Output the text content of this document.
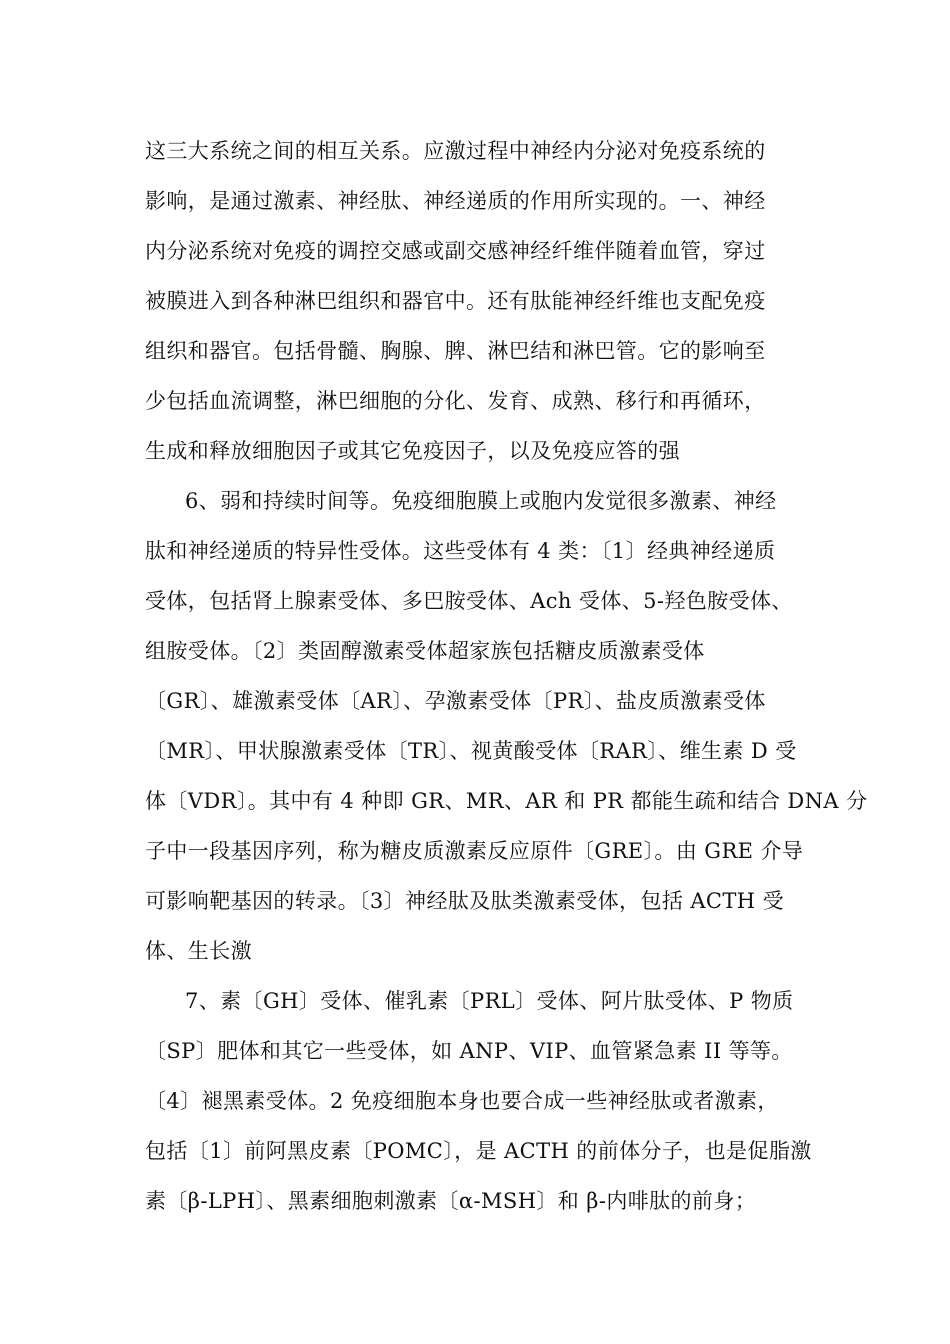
这三大系统之间的相互关系。应激过程中神经内分泌对免疫系统的
影响，是通过激素、神经肽、神经递质的作用所实现的。一、神经
内分泌系统对免疫的调控交感或副交感神经纤维伴随着血管，穿过
被膜进入到各种淋巴组织和器官中。还有肽能神经纤维也支配免疫
组织和器官。包括骨髓、胸腺、脾、淋巴结和淋巴管。它的影响至
少包括血流调整，淋巴细胞的分化、发育、成熟、移行和再循环，
生成和释放细胞因子或其它免疫因子，以及免疫应答的强
6、弱和持续时间等。免疫细胞膜上或胞内发觉很多激素、神经
肽和神经递质的特异性受体。这些受体有 4 类：〔1〕经典神经递质
受体，包括肾上腺素受体、多巴胺受体、Ach 受体、5-羟色胺受体、
组胺受体。〔2〕类固醇激素受体超家族包括糖皮质激素受体
〔GR〕、雄激素受体〔AR〕、孕激素受体〔PR〕、盐皮质激素受体
〔MR〕、甲状腺激素受体〔TR〕、视黄酸受体〔RAR〕、维生素 D 受
体〔VDR〕。其中有 4 种即 GR、MR、AR 和 PR 都能生疏和结合 DNA 分
子中一段基因序列，称为糖皮质激素反应原件〔GRE〕。由 GRE 介导
可影响靶基因的转录。〔3〕神经肽及肽类激素受体，包括 ACTH 受
体、生长激
7、素〔GH〕受体、催乳素〔PRL〕受体、阿片肽受体、P 物质
〔SP〕肥体和其它一些受体，如 ANP、VIP、血管紧急素 II 等等。
〔4〕褪黑素受体。2 免疫细胞本身也要合成一些神经肽或者激素，
包括〔1〕前阿黑皮素〔POMC〕，是 ACTH 的前体分子，也是促脂激
素〔β-LPH〕、黑素细胞刺激素〔α-MSH〕和 β-内啡肽的前身；
